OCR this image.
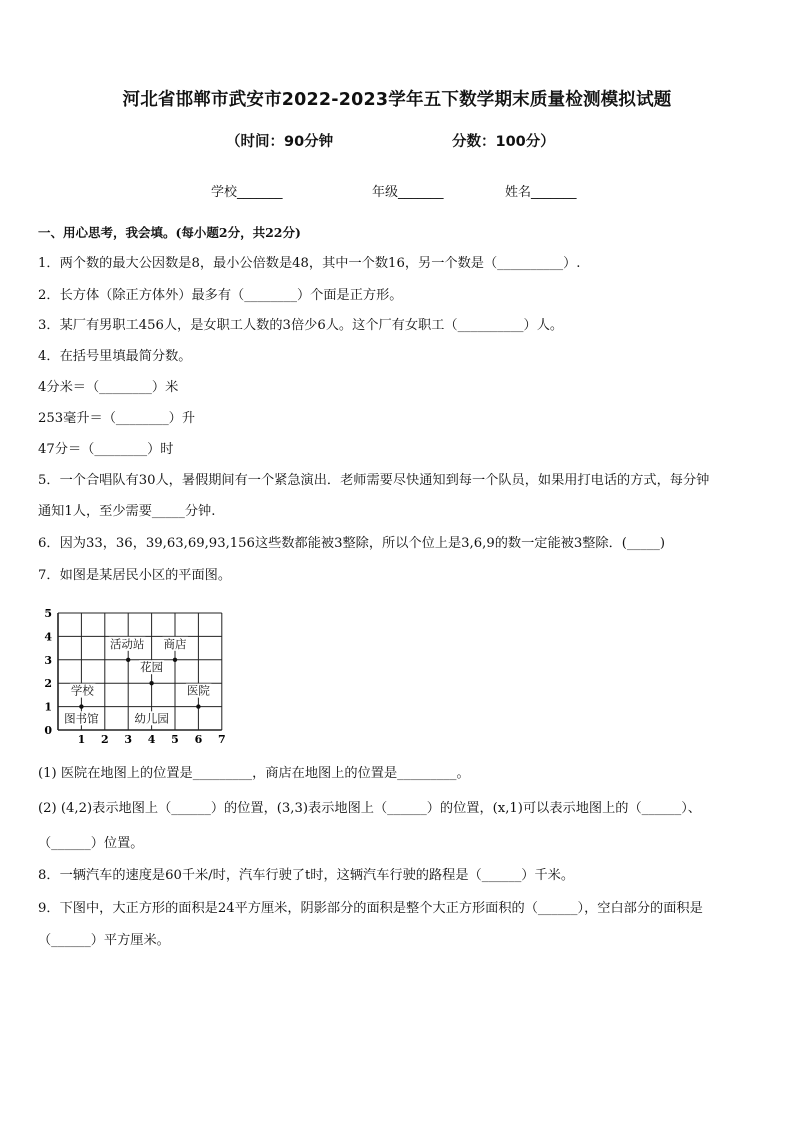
河北省邯郸市武安市2022-2023学年五下数学期末质量检测模拟试题
（时间：90分钟	分数：100分）
学校_______	年级_______	姓名_______
一、用心思考，我会填。(每小题2分，共22分)
1．两个数的最大公因数是8，最小公倍数是48，其中一个数16，另一个数是（__________）.
2．长方体（除正方体外）最多有（________）个面是正方形。
3．某厂有男职工456人，是女职工人数的3倍少6人。这个厂有女职工（__________）人。
4．在括号里填最简分数。
4分米＝（________）米
253毫升＝（________）升
47分＝（________）时
5．一个合唱队有30人，暑假期间有一个紧急演出．老师需要尽快通知到每一个队员，如果用打电话的方式，每分钟
通知1人，至少需要_____分钟.
6．因为33，36，39,63,69,93,156这些数都能被3整除，所以个位上是3,6,9的数一定能被3整除．(_____)
7．如图是某居民小区的平面图。
1 2 3 4 5 6 7
1
2
3
4
5
0
活动站 商店
花园
学校	医院
图书馆	幼儿园
(1) 医院在地图上的位置是_________，商店在地图上的位置是_________。
(2) (4,2)表示地图上（______）的位置，(3,3)表示地图上（______）的位置，(x,1)可以表示地图上的（______）、
（______）位置。
8．一辆汽车的速度是60千米/时，汽车行驶了t时，这辆汽车行驶的路程是（______）千米。
9．下图中，大正方形的面积是24平方厘米，阴影部分的面积是整个大正方形面积的（______），空白部分的面积是
（______）平方厘米。
